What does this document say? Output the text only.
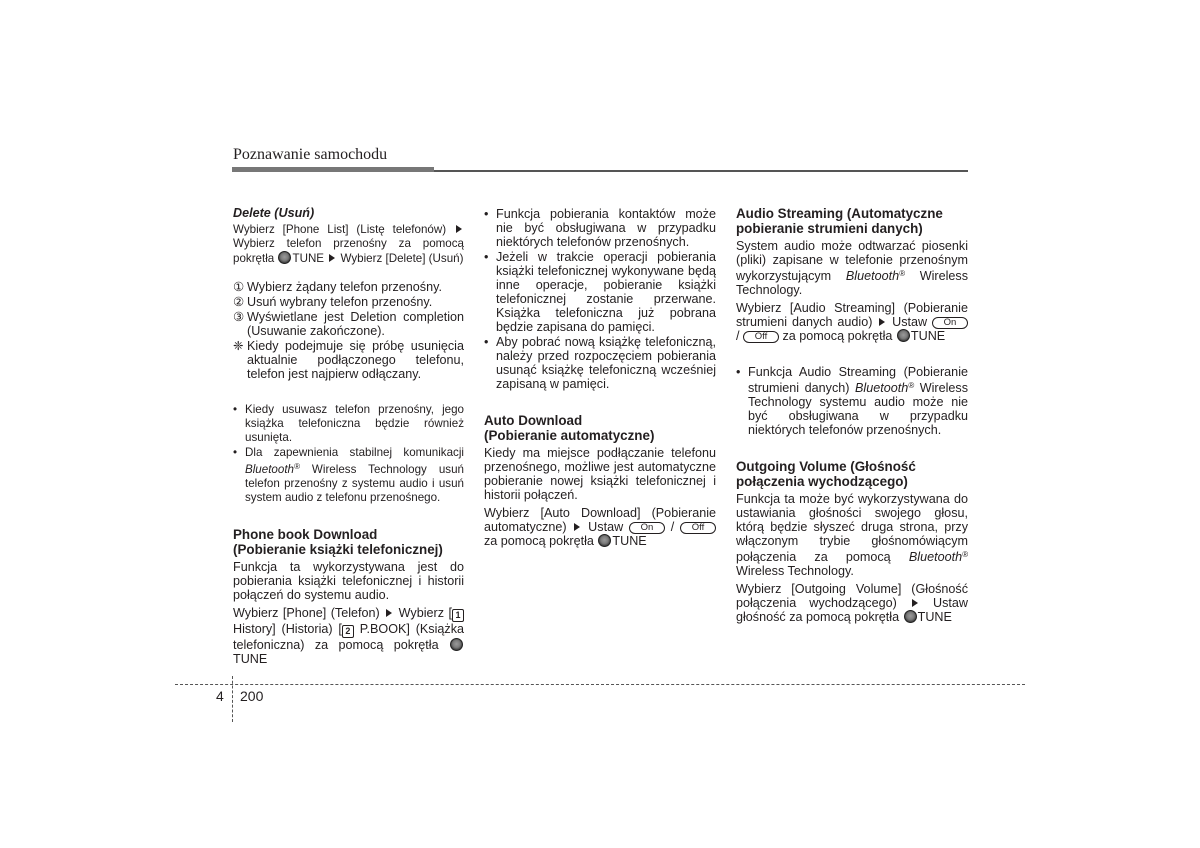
Poznawanie samochodu
Delete (Usuń)

Wybierz [Phone List] (Listę telefonów)  Wybierz telefon przenośny za pomocą pokrętła TUNE Wybierz [Delete] (Usuń)

① Wybierz żądany telefon przenośny.
② Usuń wybrany telefon przenośny.
③ Wyświetlane jest Deletion completion (Usuwanie zakończone).
❈ Kiedy podejmuje się próbę usunięcia aktualnie podłączonego telefonu, telefon jest najpierw odłączany.
• Kiedy usuwasz telefon przenośny, jego książka telefoniczna będzie również usunięta.
• Dla zapewnienia stabilnej komunikacji Bluetooth® Wireless Technology usuń telefon przenośny z systemu audio i usuń system audio z telefonu przenośnego.
Phone book Download
(Pobieranie książki telefonicznej)

Funkcja ta wykorzystywana jest do pobierania książki telefonicznej i historii połączeń do systemu audio.

Wybierz [Phone] (Telefon) Wybierz [ 1 History] (Historia) [ 2 P.BOOK] (Książka telefoniczna) za pomocą pokrętła  TUNE

• Funkcja pobierania kontaktów może nie być obsługiwana w przypadku niektórych telefonów przenośnych.
• Jeżeli w trakcie operacji pobierania książki telefonicznej wykonywane będą inne operacje, pobieranie książki telefonicznej zostanie przerwane. Książka telefoniczna już pobrana będzie zapisana do pamięci.
• Aby pobrać nową książkę telefoniczną, należy przed rozpoczęciem pobierania usunąć książkę telefoniczną wcześniej zapisaną w pamięci.
Auto Download
(Pobieranie automatyczne)

Kiedy ma miejsce podłączanie telefonu przenośnego, możliwe jest automatyczne pobieranie nowej książki telefonicznej i historii połączeń.

Wybierz [Auto Download] (Pobieranie automatyczne) Ustaw On / Off za pomocą pokrętła TUNE

Audio Streaming (Automatyczne
pobieranie strumieni danych)

System audio może odtwarzać piosenki (pliki) zapisane w telefonie przenośnym wykorzystującym Bluetooth® Wireless Technology.

Wybierz [Audio Streaming] (Pobieranie strumieni danych audio) Ustaw On / Off za pomocą pokrętła TUNE

• Funkcja Audio Streaming (Pobieranie strumieni danych) Bluetooth® Wireless Technology systemu audio może nie być obsługiwana w przypadku niektórych telefonów przenośnych.
Outgoing Volume (Głośność
połączenia wychodzącego)

Funkcja ta może być wykorzystywana do ustawiania głośności swojego głosu, którą będzie słyszeć druga strona, przy włączonym trybie głośnomówiącym połączenia za pomocą Bluetooth® Wireless Technology.

Wybierz [Outgoing Volume] (Głośność połączenia wychodzącego)	Ustaw głośność za pomocą pokrętła TUNE

4 200
